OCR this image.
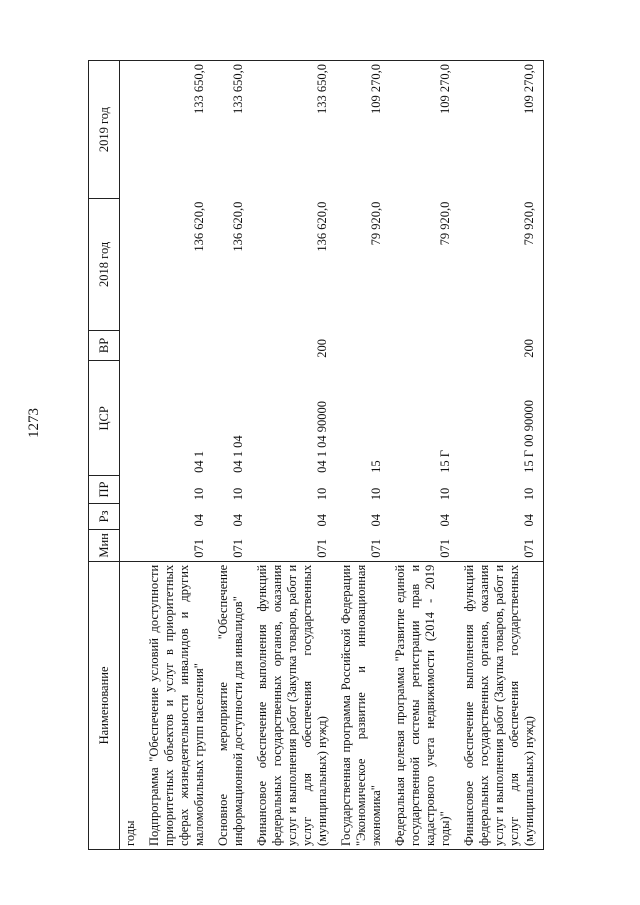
1273
Наименование	Мин	Рз	ПР	ЦСР	ВР	2018 год	2019 год
годы							
Подпрограмма "Обеспечение условий доступности приоритетных объектов и услуг в приоритетных сферах жизнедеятельности инвалидов и других маломобильных групп населения"	071	04	10	04 1		136 620,0	133 650,0
Основное мероприятие "Обеспечение информационной доступности для инвалидов"	071	04	10	04 1 04		136 620,0	133 650,0
Финансовое обеспечение выполнения функций федеральных государственных органов, оказания услуг и выполнения работ (Закупка товаров, работ и услуг для обеспечения государственных (муниципальных) нужд)	071	04	10	04 1 04 90000	200	136 620,0	133 650,0
Государственная программа Российской Федерации "Экономическое развитие и инновационная экономика"	071	04	10	15		79 920,0	109 270,0
Федеральная целевая программа "Развитие единой государственной системы регистрации прав и кадастрового учета недвижимости (2014 - 2019 годы)"	071	04	10	15 Г		79 920,0	109 270,0
Финансовое обеспечение выполнения функций федеральных государственных органов, оказания услуг и выполнения работ (Закупка товаров, работ и услуг для обеспечения государственных (муниципальных) нужд)	071	04	10	15 Г 00 90000	200	79 920,0	109 270,0
